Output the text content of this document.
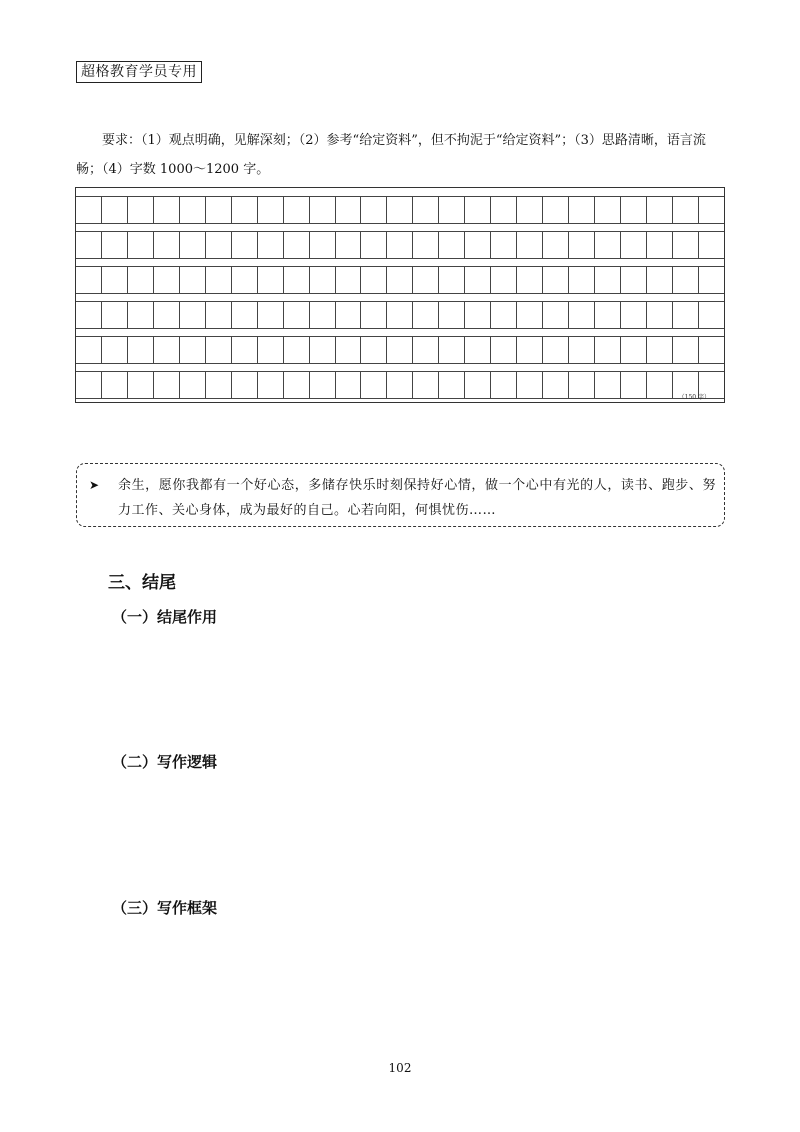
超格教育学员专用
要求：（1）观点明确，见解深刻；（2）参考“给定资料”，但不拘泥于“给定资料”；（3）思路清晰，语言流畅；（4）字数 1000～1200 字。
（150 字）
➤ 余生，愿你我都有一个好心态，多储存快乐时刻保持好心情，做一个心中有光的人，读书、跑步、努力工作、关心身体，成为最好的自己。心若向阳，何惧忧伤……
三、结尾
（一）结尾作用
（二）写作逻辑
（三）写作框架
102
